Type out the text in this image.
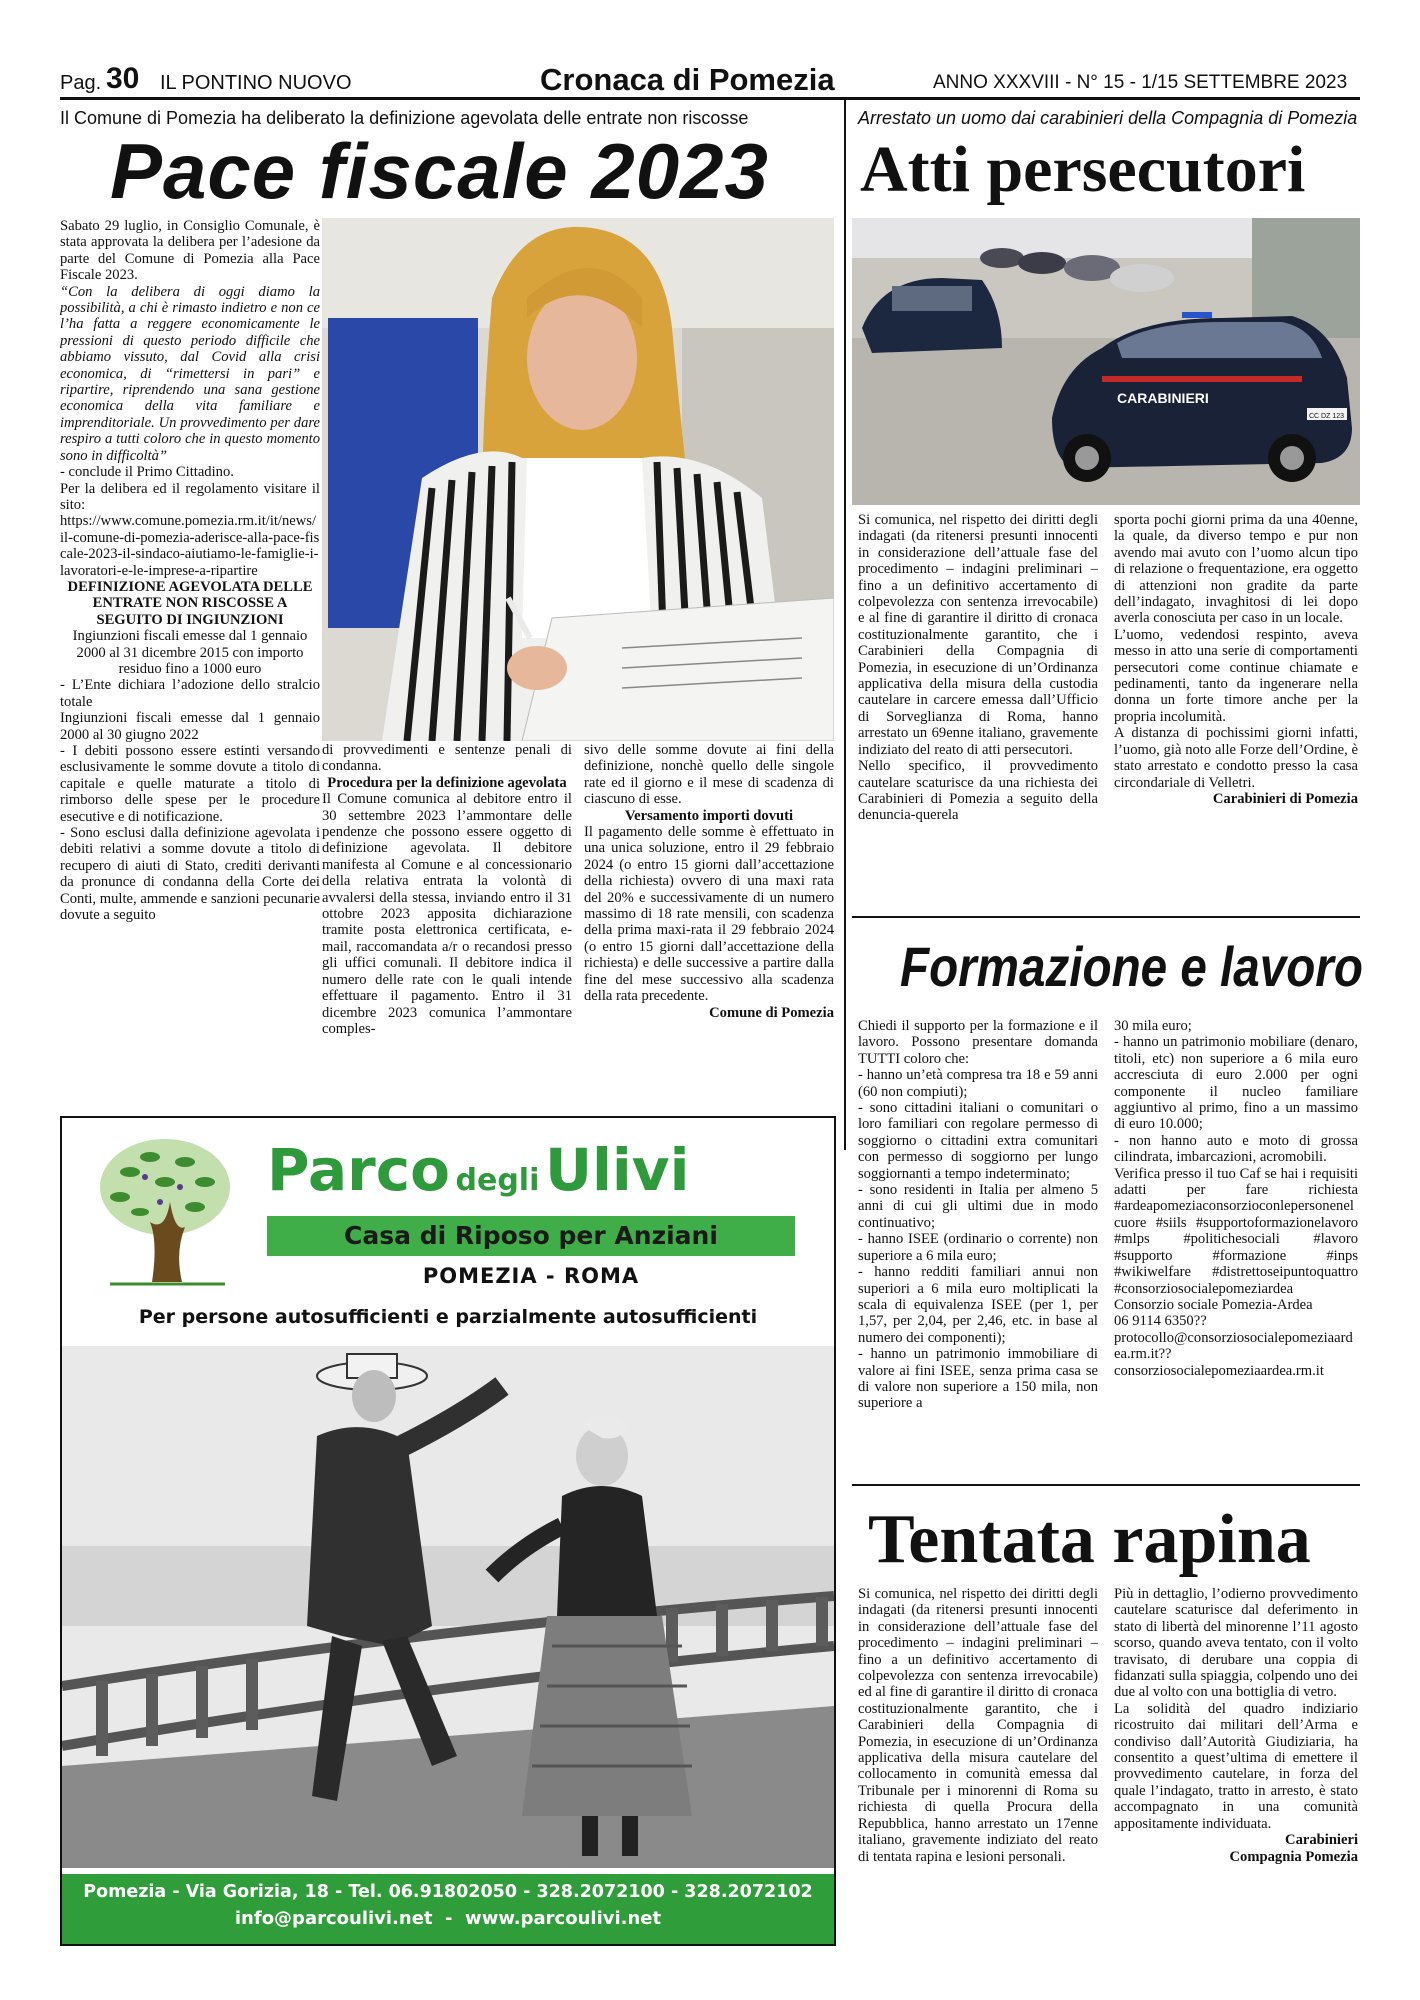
Pag. 30 IL PONTINO NUOVO	Cronaca di Pomezia	ANNO XXXVIII - N° 15 - 1/15 SETTEMBRE 2023
Il Comune di Pomezia ha deliberato la definizione agevolata delle entrate non riscosse
Pace fiscale 2023

Sabato 29 luglio, in Consiglio Comunale, è stata approvata la delibera per l’adesione da parte del Comune di Pomezia alla Pace Fiscale 2023.

“Con la delibera di oggi diamo la possibilità, a chi è rimasto indietro e non ce l’ha fatta a reggere economicamente le pressioni di questo periodo difficile che abbiamo vissuto, dal Covid alla crisi economica, di “rimettersi in pari” e ripartire, riprendendo una sana gestione economica della vita familiare e imprenditoriale. Un provvedimento per dare respiro a tutti coloro che in questo momento sono in difficoltà”

- conclude il Primo Cittadino.

Per la delibera ed il regolamento visitare il sito:

https://www.comune.pomezia.rm.it/it/news/il-comune-di-pomezia-aderisce-alla-pace-fiscale-2023-il-sindaco-aiutiamo-le-famiglie-i-lavoratori-e-le-imprese-a-ripartire

DEFINIZIONE AGEVOLATA DELLE ENTRATE NON RISCOSSE A SEGUITO DI INGIUNZIONI

Ingiunzioni fiscali emesse dal 1 gennaio 2000 al 31 dicembre 2015 con importo residuo fino a 1000 euro

- L’Ente dichiara l’adozione dello stralcio totale

Ingiunzioni fiscali emesse dal 1 gennaio 2000 al 30 giugno 2022

- I debiti possono essere estinti versando esclusivamente le somme dovute a titolo di capitale e quelle maturate a titolo di rimborso delle spese per le procedure esecutive e di notificazione.

- Sono esclusi dalla definizione agevolata i debiti relativi a somme dovute a titolo di recupero di aiuti di Stato, crediti derivanti da pronunce di condanna della Corte dei Conti, multe, ammende e sanzioni pecunarie dovute a seguito

di provvedimenti e sentenze penali di condanna.

Procedura per la definizione agevolata

Il Comune comunica al debitore entro il 30 settembre 2023 l’ammontare delle pendenze che possono essere oggetto di definizione agevolata. Il debitore manifesta al Comune e al concessionario della relativa entrata la volontà di avvalersi della stessa, inviando entro il 31 ottobre 2023 apposita dichiarazione tramite posta elettronica certificata, e-mail, raccomandata a/r o recandosi presso gli uffici comunali. Il debitore indica il numero delle rate con le quali intende effettuare il pagamento. Entro il 31 dicembre 2023 comunica l’ammontare comples-

sivo delle somme dovute ai fini della definizione, nonchè quello delle singole rate ed il giorno e il mese di scadenza di ciascuno di esse.

Versamento importi dovuti

Il pagamento delle somme è effettuato in una unica soluzione, entro il 29 febbraio 2024 (o entro 15 giorni dall’accettazione della richiesta) ovvero di una maxi rata del 20% e successivamente di un numero massimo di 18 rate mensili, con scadenza della prima maxi-rata il 29 febbraio 2024 (o entro 15 giorni dall’accettazione della richiesta) e delle successive a partire dalla fine del mese successivo alla scadenza della rata precedente.

Comune di Pomezia

Arrestato un uomo dai carabinieri della Compagnia di Pomezia
Atti persecutori
CARABINIERI
CC DZ 123

Si comunica, nel rispetto dei diritti degli indagati (da ritenersi presunti innocenti in considerazione dell’attuale fase del procedimento – indagini preliminari – fino a un definitivo accertamento di colpevolezza con sentenza irrevocabile) e al fine di garantire il diritto di cronaca costituzionalmente garantito, che i Carabinieri della Compagnia di Pomezia, in esecuzione di un’Ordinanza applicativa della misura della custodia cautelare in carcere emessa dall’Ufficio di Sorveglianza di Roma, hanno arrestato un 69enne italiano, gravemente indiziato del reato di atti persecutori.

Nello specifico, il provvedimento cautelare scaturisce da una richiesta dei Carabinieri di Pomezia a seguito della denuncia-querela

sporta pochi giorni prima da una 40enne, la quale, da diverso tempo e pur non avendo mai avuto con l’uomo alcun tipo di relazione o frequentazione, era oggetto di attenzioni non gradite da parte dell’indagato, invaghitosi di lei dopo averla conosciuta per caso in un locale.

L’uomo, vedendosi respinto, aveva messo in atto una serie di comportamenti persecutori come continue chiamate e pedinamenti, tanto da ingenerare nella donna un forte timore anche per la propria incolumità.

A distanza di pochissimi giorni infatti, l’uomo, già noto alle Forze dell’Ordine, è stato arrestato e condotto presso la casa circondariale di Velletri.

Carabinieri di Pomezia

Formazione e lavoro

Chiedi il supporto per la formazione e il lavoro. Possono presentare domanda TUTTI coloro che:

- hanno un’età compresa tra 18 e 59 anni (60 non compiuti);

- sono cittadini italiani o comunitari o loro familiari con regolare permesso di soggiorno o cittadini extra comunitari con permesso di soggiorno per lungo soggiornanti a tempo indeterminato;

- sono residenti in Italia per almeno 5 anni di cui gli ultimi due in modo continuativo;

- hanno ISEE (ordinario o corrente) non superiore a 6 mila euro;

- hanno redditi familiari annui non superiori a 6 mila euro moltiplicati la scala di equivalenza ISEE (per 1, per 1,57, per 2,04, per 2,46, etc. in base al numero dei componenti);

- hanno un patrimonio immobiliare di valore ai fini ISEE, senza prima casa se di valore non superiore a 150 mila, non superiore a

30 mila euro;

- hanno un patrimonio mobiliare (denaro, titoli, etc) non superiore a 6 mila euro accresciuta di euro 2.000 per ogni componente il nucleo familiare aggiuntivo al primo, fino a un massimo di euro 10.000;

- non hanno auto e moto di grossa cilindrata, imbarcazioni, acromobili.

Verifica presso il tuo Caf se hai i requisiti adatti per fare richiesta #ardeapomeziaconsorzioconlepersonenelcuore #siils #supportoformazionelavoro #mlps #politichesociali #lavoro #supporto #formazione #inps #wikiwelfare #distrettoseipuntoquattro #consorziosocialepomeziardea

Consorzio sociale Pomezia-Ardea

06 9114 6350??

protocollo@consorziosocialepomeziaardea.rm.it??

consorziosocialepomeziaardea.rm.it

Tentata rapina

Si comunica, nel rispetto dei diritti degli indagati (da ritenersi presunti innocenti in considerazione dell’attuale fase del procedimento – indagini preliminari – fino a un definitivo accertamento di colpevolezza con sentenza irrevocabile) ed al fine di garantire il diritto di cronaca costituzionalmente garantito, che i Carabinieri della Compagnia di Pomezia, in esecuzione di un’Ordinanza applicativa della misura cautelare del collocamento in comunità emessa dal Tribunale per i minorenni di Roma su richiesta di quella Procura della Repubblica, hanno arrestato un 17enne italiano, gravemente indiziato del reato di tentata rapina e lesioni personali.

Più in dettaglio, l’odierno provvedimento cautelare scaturisce dal deferimento in stato di libertà del minorenne l’11 agosto scorso, quando aveva tentato, con il volto travisato, di derubare una coppia di fidanzati sulla spiaggia, colpendo uno dei due al volto con una bottiglia di vetro.

La solidità del quadro indiziario ricostruito dai militari dell’Arma e condiviso dall’Autorità Giudiziaria, ha consentito a quest’ultima di emettere il provvedimento cautelare, in forza del quale l’indagato, tratto in arresto, è stato accompagnato in una comunità appositamente individuata.

Carabinieri

Compagnia Pomezia

Parco degli Ulivi
Casa di Riposo per Anziani
POMEZIA - ROMA
Per persone autosufficienti e parzialmente autosufficienti
Pomezia - Via Gorizia, 18 - Tel. 06.91802050 - 328.2072100 - 328.2072102
info@parcoulivi.net  -  www.parcoulivi.net
